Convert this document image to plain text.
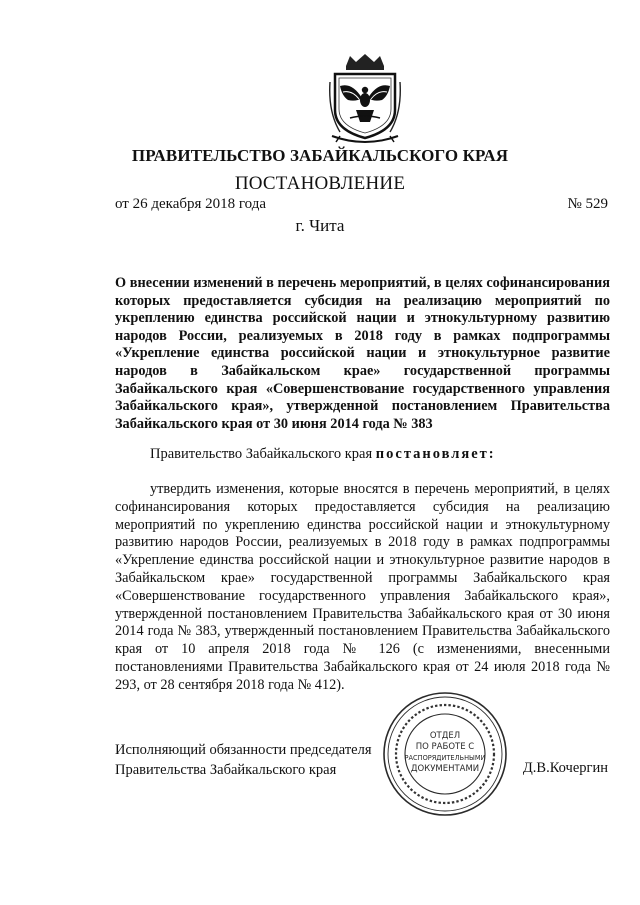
ПРАВИТЕЛЬСТВО ЗАБАЙКАЛЬСКОГО КРАЯ
ПОСТАНОВЛЕНИЕ
от 26 декабря 2018 года	№ 529
г. Чита
О внесении изменений в перечень мероприятий, в целях софинансирования которых предоставляется субсидия на реализацию мероприятий по укреплению единства российской нации и этнокультурному развитию народов России, реализуемых в 2018 году в рамках подпрограммы «Укрепление единства российской нации и этнокультурное развитие народов в Забайкальском крае» государственной программы Забайкальского края «Совершенствование государственного управления Забайкальского края», утвержденной постановлением Правительства Забайкальского края от 30 июня 2014 года № 383
Правительство Забайкальского края постановляет:
утвердить изменения, которые вносятся в перечень мероприятий, в целях софинансирования которых предоставляется субсидия на реализацию мероприятий по укреплению единства российской нации и этнокультурному развитию народов России, реализуемых в 2018 году в рамках подпрограммы «Укрепление единства российской нации и этнокультурное развитие народов в Забайкальском крае» государственной программы Забайкальского края «Совершенствование государственного управления Забайкальского края», утвержденной постановлением Правительства Забайкальского края от 30 июня 2014 года № 383, утвержденный постановлением Правительства Забайкальского края от 10 апреля 2018 года № 126 (с изменениями, внесенными постановлениями Правительства Забайкальского края от 24 июля 2018 года № 293, от 28 сентября 2018 года № 412).
Исполняющий обязанности председателя
Правительства Забайкальского края
ОТДЕЛ
ПО РАБОТЕ С
РАСПОРЯДИТЕЛЬНЫМИ
ДОКУМЕНТАМИ	Д.В.Кочергин
